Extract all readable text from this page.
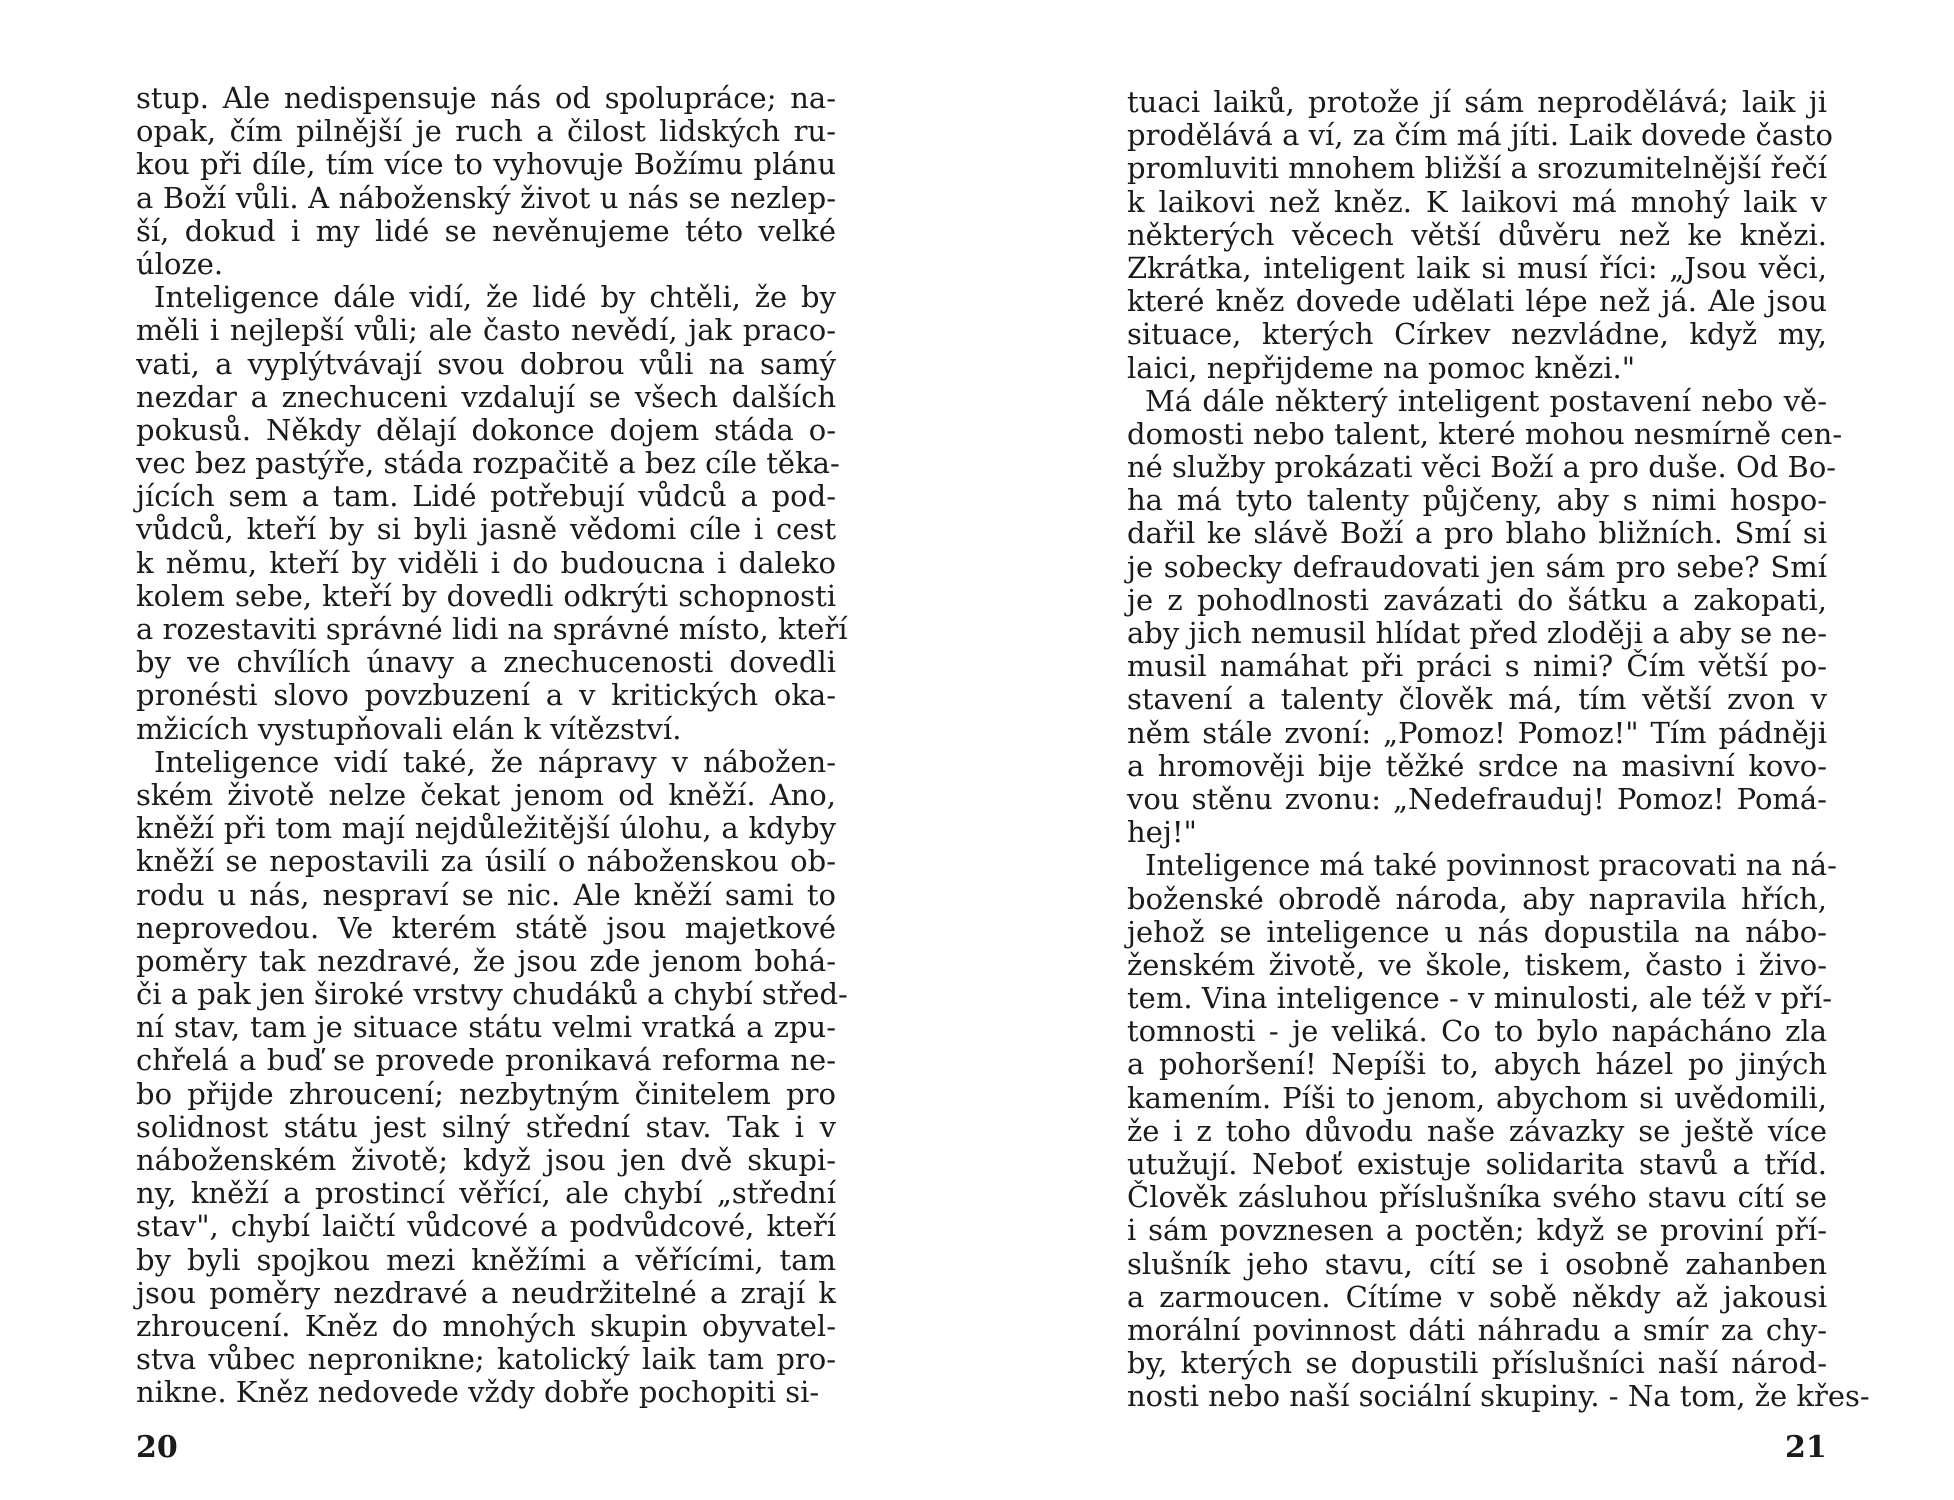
stup. Ale nedispensuje nás od spolupráce; na-
opak, čím pilnější je ruch a čilost lidských ru-
kou při díle, tím více to vyhovuje Božímu plánu
a Boží vůli. A náboženský život u nás se nezlep-
ší, dokud i my lidé se nevěnujeme této velké
úloze.
Inteligence dále vidí, že lidé by chtěli, že by
měli i nejlepší vůli; ale často nevědí, jak praco-
vati, a vyplýtvávají svou dobrou vůli na samý
nezdar a znechuceni vzdalují se všech dalších
pokusů. Někdy dělají dokonce dojem stáda o-
vec bez pastýře, stáda rozpačitě a bez cíle těka-
jících sem a tam. Lidé potřebují vůdců a pod-
vůdců, kteří by si byli jasně vědomi cíle i cest
k němu, kteří by viděli i do budoucna i daleko
kolem sebe, kteří by dovedli odkrýti schopnosti
a rozestaviti správné lidi na správné místo, kteří
by ve chvílích únavy a znechucenosti dovedli
pronésti slovo povzbuzení a v kritických oka-
mžicích vystupňovali elán k vítězství.
Inteligence vidí také, že nápravy v nábožen-
ském životě nelze čekat jenom od kněží. Ano,
kněží při tom mají nejdůležitější úlohu, a kdyby
kněží se nepostavili za úsilí o náboženskou ob-
rodu u nás, nespraví se nic. Ale kněží sami to
neprovedou. Ve kterém státě jsou majetkové
poměry tak nezdravé, že jsou zde jenom bohá-
či a pak jen široké vrstvy chudáků a chybí střed-
ní stav, tam je situace státu velmi vratká a zpu-
chřelá a buď se provede pronikavá reforma ne-
bo přijde zhroucení; nezbytným činitelem pro
solidnost státu jest silný střední stav. Tak i v
náboženském životě; když jsou jen dvě skupi-
ny, kněží a prostincí věřící, ale chybí „střední
stav", chybí laičtí vůdcové a podvůdcové, kteří
by byli spojkou mezi kněžími a věřícími, tam
jsou poměry nezdravé a neudržitelné a zrají k
zhroucení. Kněz do mnohých skupin obyvatel-
stva vůbec nepronikne; katolický laik tam pro-
nikne. Kněz nedovede vždy dobře pochopiti si-
20
tuaci laiků, protože jí sám neprodělává; laik ji
prodělává a ví, za čím má jíti. Laik dovede často
promluviti mnohem bližší a srozumitelnější řečí
k laikovi než kněz. K laikovi má mnohý laik v
některých věcech větší důvěru než ke knězi.
Zkrátka, inteligent laik si musí říci: „Jsou věci,
které kněz dovede udělati lépe než já. Ale jsou
situace, kterých Církev nezvládne, když my,
laici, nepřijdeme na pomoc knězi."
Má dále některý inteligent postavení nebo vě-
domosti nebo talent, které mohou nesmírně cen-
né služby prokázati věci Boží a pro duše. Od Bo-
ha má tyto talenty půjčeny, aby s nimi hospo-
dařil ke slávě Boží a pro blaho bližních. Smí si
je sobecky defraudovati jen sám pro sebe? Smí
je z pohodlnosti zavázati do šátku a zakopati,
aby jich nemusil hlídat před zloději a aby se ne-
musil namáhat při práci s nimi? Čím větší po-
stavení a talenty člověk má, tím větší zvon v
něm stále zvoní: „Pomoz! Pomoz!" Tím pádněji
a hromověji bije těžké srdce na masivní kovo-
vou stěnu zvonu: „Nedefrauduj! Pomoz! Pomá-
hej!"
Inteligence má také povinnost pracovati na ná-
boženské obrodě národa, aby napravila hřích,
jehož se inteligence u nás dopustila na nábo-
ženském životě, ve škole, tiskem, často i živo-
tem. Vina inteligence - v minulosti, ale též v pří-
tomnosti - je veliká. Co to bylo napácháno zla
a pohoršení! Nepíši to, abych házel po jiných
kamením. Píši to jenom, abychom si uvědomili,
že i z toho důvodu naše závazky se ještě více
utužují. Neboť existuje solidarita stavů a tříd.
Člověk zásluhou příslušníka svého stavu cítí se
i sám povznesen a poctěn; když se proviní pří-
slušník jeho stavu, cítí se i osobně zahanben
a zarmoucen. Cítíme v sobě někdy až jakousi
morální povinnost dáti náhradu a smír za chy-
by, kterých se dopustili příslušníci naší národ-
nosti nebo naší sociální skupiny. - Na tom, že křes-
21
